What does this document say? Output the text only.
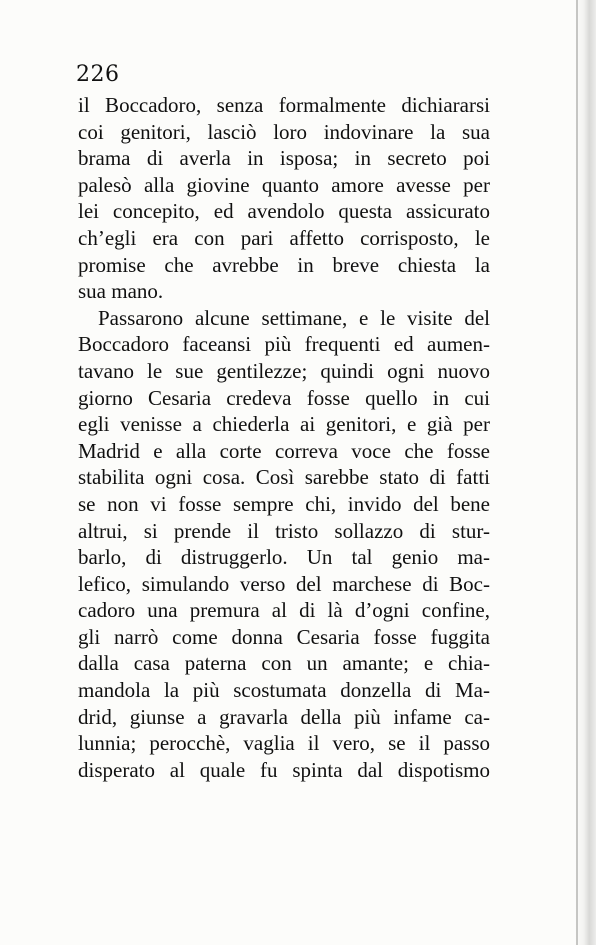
226
il Boccadoro, senza formalmente dichiararsi
coi genitori, lasciò loro indovinare la sua
brama di averla in isposa; in secreto poi
palesò alla giovine quanto amore avesse per
lei concepito, ed avendolo questa assicurato
ch’egli era con pari affetto corrisposto, le
promise che avrebbe in breve chiesta la
sua mano.
Passarono alcune settimane, e le visite del
Boccadoro faceansi più frequenti ed aumen-
tavano le sue gentilezze; quindi ogni nuovo
giorno Cesaria credeva fosse quello in cui
egli venisse a chiederla ai genitori, e già per
Madrid e alla corte correva voce che fosse
stabilita ogni cosa. Così sarebbe stato di fatti
se non vi fosse sempre chi, invido del bene
altrui, si prende il tristo sollazzo di stur-
barlo, di distruggerlo. Un tal genio ma-
lefico, simulando verso del marchese di Boc-
cadoro una premura al di là d’ogni confine,
gli narrò come donna Cesaria fosse fuggita
dalla casa paterna con un amante; e chia-
mandola la più scostumata donzella di Ma-
drid, giunse a gravarla della più infame ca-
lunnia; perocchè, vaglia il vero, se il passo
disperato al quale fu spinta dal dispotismo
